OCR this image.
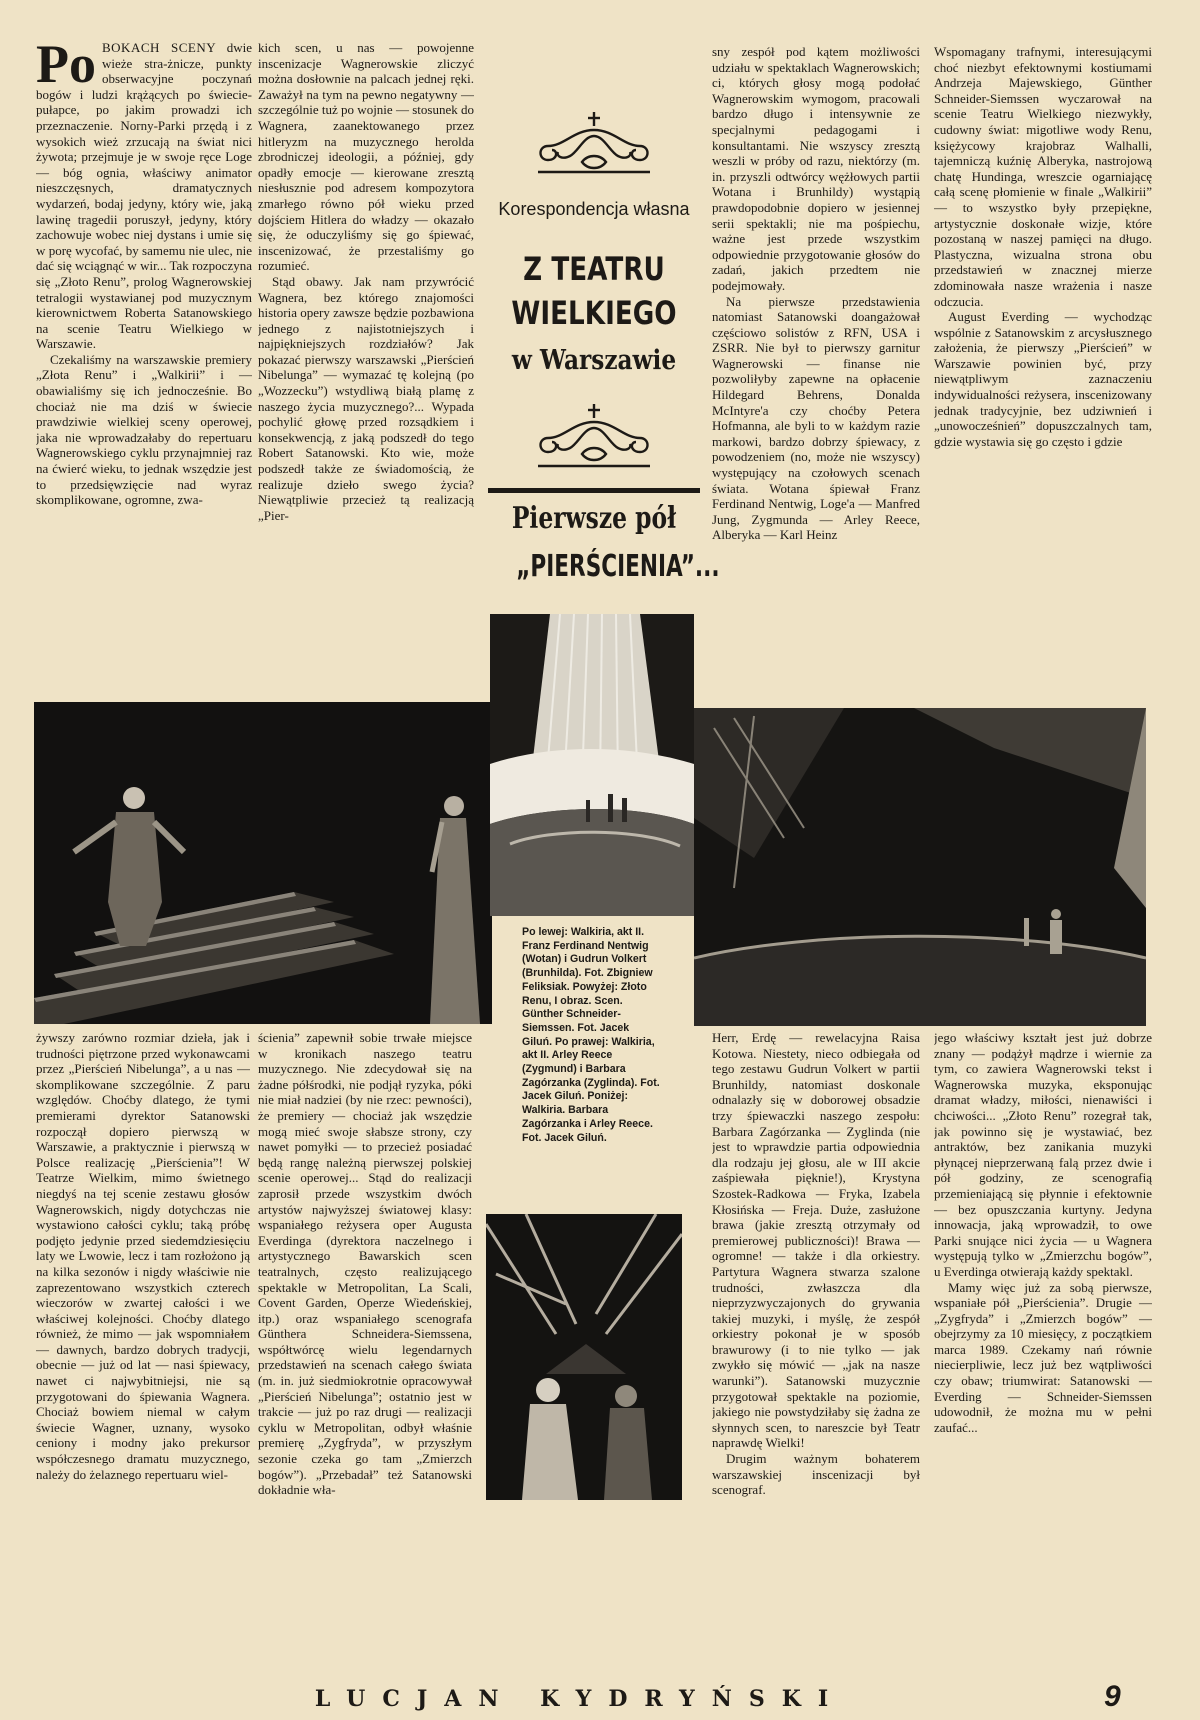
Po BOKACH SCENY dwie wieże stra-żnicze, punkty obserwacyjne poczynań bogów i ludzi krążących po świecie-pułapce, po jakim prowadzi ich przeznaczenie. Norny-Parki przędą i z wysokich wież zrzucają na świat nici żywota; przejmuje je w swoje ręce Loge — bóg ognia, właściwy animator nieszczęsnych, dramatycznych wydarzeń, bodaj jedyny, który wie, jaką lawinę tragedii poruszył, jedyny, który zachowuje wobec niej dystans i umie się w porę wycofać, by samemu nie ulec, nie dać się wciągnąć w wir... Tak rozpoczyna się „Złoto Renu”, prolog Wagnerowskiej tetralogii wystawianej pod muzycznym kierownictwem Roberta Satanowskiego na scenie Teatru Wielkiego w Warszawie.

Czekaliśmy na warszawskie premiery „Złota Renu” i „Walkirii” i — obawialiśmy się ich jednocześnie. Bo chociaż nie ma dziś w świecie prawdziwie wielkiej sceny operowej, jaka nie wprowadzałaby do repertuaru Wagnerowskiego cyklu przynajmniej raz na ćwierć wieku, to jednak wszędzie jest to przedsięwzięcie nad wyraz skomplikowane, ogromne, zwa-

kich scen, u nas — powojenne inscenizacje Wagnerowskie zliczyć można dosłownie na palcach jednej ręki. Zaważył na tym na pewno negatywny — szczególnie tuż po wojnie — stosunek do Wagnera, zaanektowanego przez hitleryzm na muzycznego herolda zbrodniczej ideologii, a później, gdy opadły emocje — kierowane zresztą niesłusznie pod adresem kompozytora zmarłego równo pół wieku przed dojściem Hitlera do władzy — okazało się, że oduczyliśmy się go śpiewać, inscenizować, że przestaliśmy go rozumieć.

Stąd obawy. Jak nam przywrócić Wagnera, bez którego znajomości historia opery zawsze będzie pozbawiona jednego z najistotniejszych i najpiękniejszych rozdziałów? Jak pokazać pierwszy warszawski „Pierścień Nibelunga” — wymazać tę kolejną (po „Wozzecku”) wstydliwą białą plamę z naszego życia muzycznego?... Wypada pochylić głowę przed rozsądkiem i konsekwencją, z jaką podszedł do tego Robert Satanowski. Kto wie, może podszedł także ze świadomością, że realizuje dzieło swego życia? Niewątpliwie przecież tą realizacją „Pier-

Korespondencja własna
Z TEATRU
WIELKIEGO
w Warszawie
Pierwsze pół
„PIERŚCIENIA”...

sny zespół pod kątem możliwości udziału w spektaklach Wagnerowskich; ci, których głosy mogą podołać Wagnerowskim wymogom, pracowali bardzo długo i intensywnie ze specjalnymi pedagogami i konsultantami. Nie wszyscy zresztą weszli w próby od razu, niektórzy (m. in. przyszli odtwórcy wężłowych partii Wotana i Brunhildy) wystąpią prawdopodobnie dopiero w jesiennej serii spektakli; nie ma pośpiechu, ważne jest przede wszystkim odpowiednie przygotowanie głosów do zadań, jakich przedtem nie podejmowały.

Na pierwsze przedstawienia natomiast Satanowski doangażował częściowo solistów z RFN, USA i ZSRR. Nie był to pierwszy garnitur Wagnerowski — finanse nie pozwoliłyby zapewne na opłacenie Hildegard Behrens, Donalda McIntyre'a czy choćby Petera Hofmanna, ale byli to w każdym razie markowi, bardzo dobrzy śpiewacy, z powodzeniem (no, może nie wszyscy) występujący na czołowych scenach świata. Wotana śpiewał Franz Ferdinand Nentwig, Loge'a — Manfred Jung, Zygmunda — Arley Reece, Alberyka — Karl Heinz

Wspomagany trafnymi, interesującymi choć niezbyt efektownymi kostiumami Andrzeja Majewskiego, Günther Schneider-Siemssen wyczarował na scenie Teatru Wielkiego niezwykły, cudowny świat: migotliwe wody Renu, księżycowy krajobraz Walhalli, tajemniczą kuźnię Alberyka, nastrojową chatę Hundinga, wreszcie ogarniającę całą scenę płomienie w finale „Walkirii” — to wszystko były przepiękne, artystycznie doskonałe wizje, które pozostaną w naszej pamięci na długo. Plastyczna, wizualna strona obu przedstawień w znacznej mierze zdominowała nasze wrażenia i nasze odczucia.

August Everding — wychodząc wspólnie z Satanowskim z arcysłusznego założenia, że pierwszy „Pierścień” w Warszawie powinien być, przy niewątpliwym zaznaczeniu indywidualności reżysera, inscenizowany jednak tradycyjnie, bez udziwnień i „unowocześnień” dopuszczalnych tam, gdzie wystawia się go często i gdzie

Po lewej: Walkiria, akt II. Franz Ferdinand Nentwig (Wotan) i Gudrun Volkert (Brunhilda). Fot. Zbigniew Feliksiak. Powyżej: Złoto Renu, I obraz. Scen. Günther Schneider-Siemssen. Fot. Jacek Giluń. Po prawej: Walkiria, akt II. Arley Reece (Zygmund) i Barbara Zagórzanka (Zyglinda). Fot. Jacek Giluń. Poniżej: Walkiria. Barbara Zagórzanka i Arley Reece. Fot. Jacek Giluń.

żywszy zarówno rozmiar dzieła, jak i trudności piętrzone przed wykonawcami przez „Pierścień Nibelunga”, a u nas — skomplikowane szczególnie. Z paru względów. Choćby dlatego, że tymi premierami dyrektor Satanowski rozpoczął dopiero pierwszą w Warszawie, a praktycznie i pierwszą w Polsce realizację „Pierścienia”! W Teatrze Wielkim, mimo świetnego niegdyś na tej scenie zestawu głosów Wagnerowskich, nigdy dotychczas nie wystawiono całości cyklu; taką próbę podjęto jedynie przed siedemdziesięciu laty we Lwowie, lecz i tam rozłożono ją na kilka sezonów i nigdy właściwie nie zaprezentowano wszystkich czterech wieczorów w zwartej całości i we właściwej kolejności. Choćby dlatego również, że mimo — jak wspomniałem — dawnych, bardzo dobrych tradycji, obecnie — już od lat — nasi śpiewacy, nawet ci najwybitniejsi, nie są przygotowani do śpiewania Wagnera. Chociaż bowiem niemal w całym świecie Wagner, uznany, wysoko ceniony i modny jako prekursor współczesnego dramatu muzycznego, należy do żelaznego repertuaru wiel-

ścienia” zapewnił sobie trwałe miejsce w kronikach naszego teatru muzycznego. Nie zdecydował się na żadne półśrodki, nie podjął ryzyka, póki nie miał nadziei (by nie rzec: pewności), że premiery — chociaż jak wszędzie mogą mieć swoje słabsze strony, czy nawet pomyłki — to przecież posiadać będą rangę należną pierwszej polskiej scenie operowej... Stąd do realizacji zaprosił przede wszystkim dwóch artystów najwyższej światowej klasy: wspaniałego reżysera oper Augusta Everdinga (dyrektora naczelnego i artystycznego Bawarskich scen teatralnych, często realizującego spektakle w Metropolitan, La Scali, Covent Garden, Operze Wiedeńskiej, itp.) oraz wspaniałego scenografa Günthera Schneidera-Siemssena, współtwórcę wielu legendarnych przedstawień na scenach całego świata (m. in. już siedmiokrotnie opracowywał „Pierścień Nibelunga”; ostatnio jest w trakcie — już po raz drugi — realizacji cyklu w Metropolitan, odbył właśnie premierę „Zygfryda”, w przyszłym sezonie czeka go tam „Zmierzch bogów”). „Przebadał” też Satanowski dokładnie wła-

Herr, Erdę — rewelacyjna Raisa Kotowa. Niestety, nieco odbiegała od tego zestawu Gudrun Volkert w partii Brunhildy, natomiast doskonale odnalazły się w doborowej obsadzie trzy śpiewaczki naszego zespołu: Barbara Zagórzanka — Zyglinda (nie jest to wprawdzie partia odpowiednia dla rodzaju jej głosu, ale w III akcie zaśpiewała pięknie!), Krystyna Szostek-Radkowa — Fryka, Izabela Kłosińska — Freja. Duże, zasłużone brawa (jakie zresztą otrzymały od premierowej publiczności)! Brawa — ogromne! — także i dla orkiestry. Partytura Wagnera stwarza szalone trudności, zwłaszcza dla nieprzyzwyczajonych do grywania takiej muzyki, i myślę, że zespół orkiestry pokonał je w sposób brawurowy (i to nie tylko — jak zwykło się mówić — „jak na nasze warunki”). Satanowski muzycznie przygotował spektakle na poziomie, jakiego nie powstydziłaby się żadna ze słynnych scen, to nareszcie był Teatr naprawdę Wielki!

Drugim ważnym bohaterem warszawskiej inscenizacji był scenograf.

jego właściwy kształt jest już dobrze znany — podążył mądrze i wiernie za tym, co zawiera Wagnerowski tekst i Wagnerowska muzyka, eksponując dramat władzy, miłości, nienawiści i chciwości... „Złoto Renu” rozegrał tak, jak powinno się je wystawiać, bez antraktów, bez zanikania muzyki płynącej nieprzerwaną falą przez dwie i pół godziny, ze scenografią przemieniającą się płynnie i efektownie — bez opuszczania kurtyny. Jedyna innowacja, jaką wprowadził, to owe Parki snujące nici życia — u Wagnera występują tylko w „Zmierzchu bogów”, u Everdinga otwierają każdy spektakl.

Mamy więc już za sobą pierwsze, wspaniałe pół „Pierścienia”. Drugie — „Zygfryda” i „Zmierzch bogów” — obejrzymy za 10 miesięcy, z początkiem marca 1989. Czekamy nań równie niecierpliwie, lecz już bez wątpliwości czy obaw; triumwirat: Satanowski — Everding — Schneider-Siemssen udowodnił, że można mu w pełni zaufać...

LUCJAN KYDRYŃSKI	9
